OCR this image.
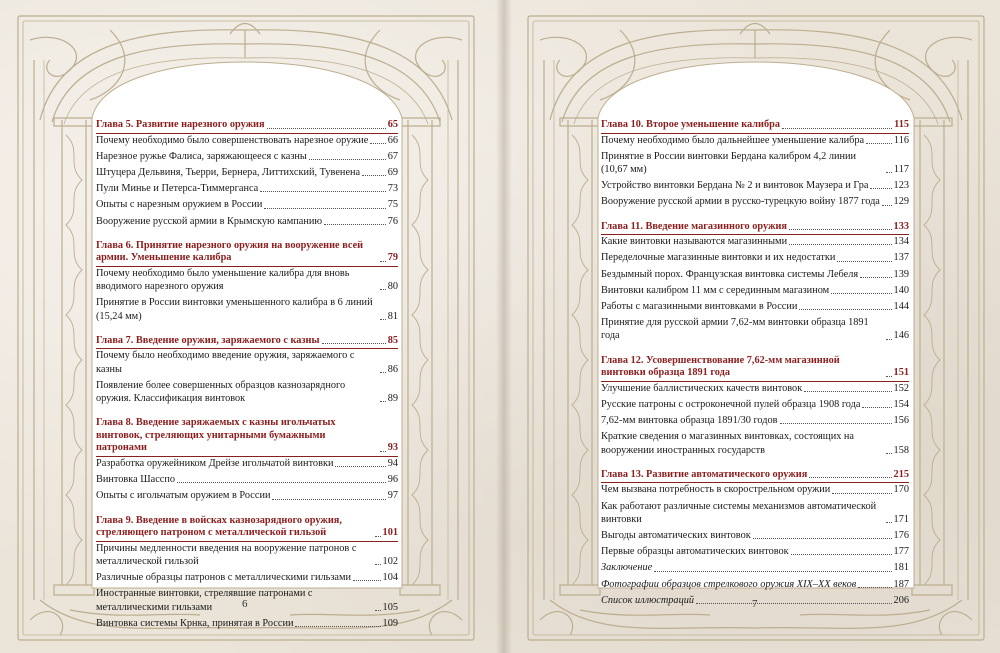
Глава 5. Развитие нарезного оружия	65
Почему необходимо было совершенствовать нарезное оружие 66
Нарезное ружье Фалиса, заряжающееся с казны	67
Штуцера Дельвиня, Тьерри, Бернера, Литтихский, Тувенена	69
Пули Минье и Петерса-Тиммерганса	73
Опыты с нарезным оружием в России	75
Вооружение русской армии в Крымскую кампанию	76
Глава 6. Принятие нарезного оружия на вооружение всей армии. Уменьшение калибра	79
Почему необходимо было уменьшение калибра для вновь вводимого нарезного оружия	80
Принятие в России винтовки уменьшенного калибра в 6 линий (15,24 мм)	81
Глава 7. Введение оружия, заряжаемого с казны	85
Почему было необходимо введение оружия, заряжаемого с казны	86
Появление более совершенных образцов казнозарядного оружия. Классификация винтовок	89
Глава 8. Введение заряжаемых с казны игольчатых винтовок, стреляющих унитарными бумажными патронами	93
Разработка оружейником Дрейзе игольчатой винтовки	94
Винтовка Шасспо	96
Опыты с игольчатым оружием в России	97
Глава 9. Введение в войсках казнозарядного оружия, стреляющего патроном с металлической гильзой	101
Причины медленности введения на вооружение патронов с металлической гильзой	102
Различные образцы патронов с металлическими гильзами	104
Иностранные винтовки, стрелявшие патронами с металлическими гильзами	105
Винтовка системы Крнка, принятая в России	109
6
Глава 10. Второе уменьшение калибра	115
Почему необходимо было дальнейшее уменьшение калибра	116
Принятие в России винтовки Бердана калибром 4,2 линии (10,67 мм)	117
Устройство винтовки Бердана № 2 и винтовок Маузера и Гра 123
Вооружение русской армии в русско-турецкую войну 1877 года 129
Глава 11. Введение магазинного оружия	133
Какие винтовки называются магазинными	134
Переделочные магазинные винтовки и их недостатки	137
Бездымный порох. Французская винтовка системы Лебеля	139
Винтовки калибром 11 мм с серединным магазином	140
Работы с магазинными винтовками в России	144
Принятие для русской армии 7,62-мм винтовки образца 1891 года	146
Глава 12. Усовершенствование 7,62-мм магазинной винтовки образца 1891 года	151
Улучшение баллистических качеств винтовок	152
Русские патроны с остроконечной пулей образца 1908 года	154
7,62-мм винтовка образца 1891/30 годов	156
Краткие сведения о магазинных винтовках, состоящих на вооружении иностранных государств	158
Глава 13. Развитие автоматического оружия	215
Чем вызвана потребность в скорострельном оружии	170
Как работают различные системы механизмов автоматической винтовки	171
Выгоды автоматических винтовок	176
Первые образцы автоматических винтовок	177
Заключение	181
Фотографии образцов стрелкового оружия XIX–XX веков	187
Список иллюстраций	206
7
